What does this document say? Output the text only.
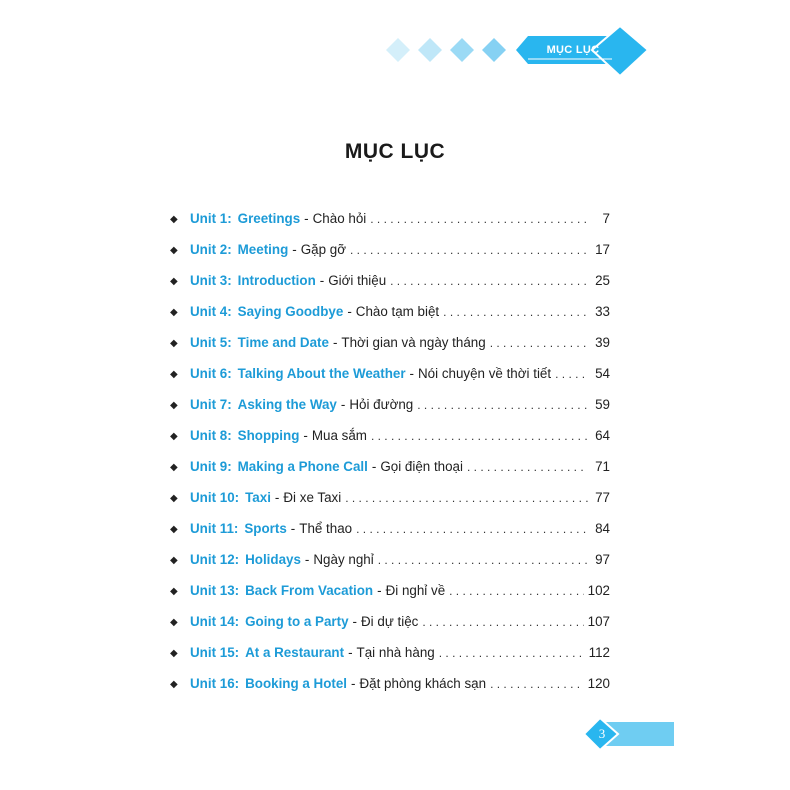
MỤC LỤC
MỤC LỤC
◆ Unit 1: Greetings - Chào hỏi . . .	7
◆ Unit 2: Meeting - Gặp gỡ . . .	17
◆ Unit 3: Introduction - Giới thiệu . . .	25
◆ Unit 4: Saying Goodbye - Chào tạm biệt . . .	33
◆ Unit 5: Time and Date - Thời gian và ngày tháng . . .	39
◆ Unit 6: Talking About the Weather - Nói chuyện về thời tiết . . .	54
◆ Unit 7: Asking the Way - Hỏi đường . . .	59
◆ Unit 8: Shopping - Mua sắm . . .	64
◆ Unit 9: Making a Phone Call - Gọi điện thoại . . .	71
◆ Unit 10: Taxi - Đi xe Taxi . . .	77
◆ Unit 11: Sports - Thể thao . . .	84
◆ Unit 12: Holidays - Ngày nghỉ . . .	97
◆ Unit 13: Back From Vacation - Đi nghỉ về . . .	102
◆ Unit 14: Going to a Party - Đi dự tiệc . . .	107
◆ Unit 15: At a Restaurant - Tại nhà hàng . . .	112
◆ Unit 16: Booking a Hotel - Đặt phòng khách sạn . . .	120
3
